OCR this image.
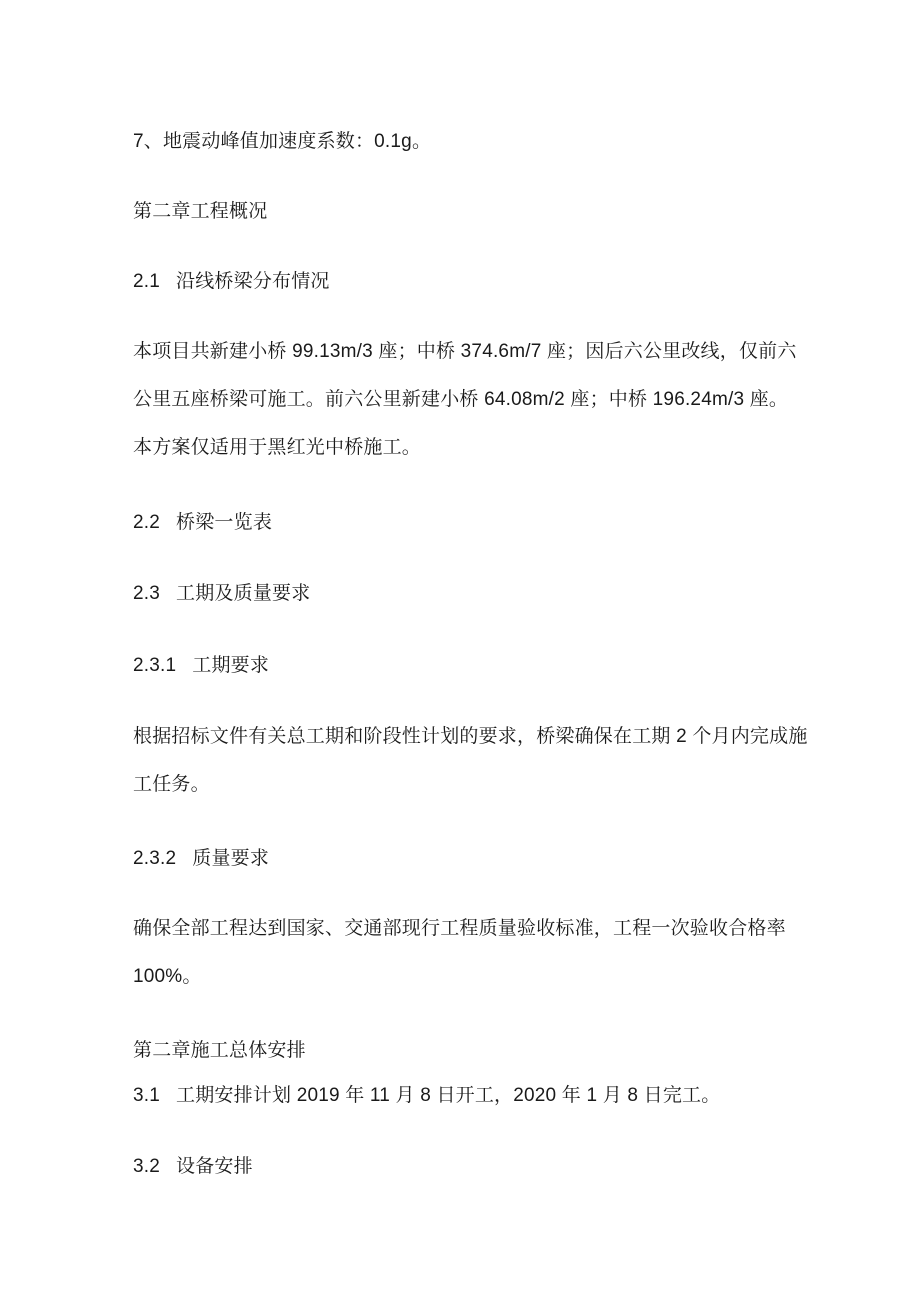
7、地震动峰值加速度系数：0.1g。
第二章工程概况
2.1 沿线桥梁分布情况
本项目共新建小桥 99.13m/3 座；中桥 374.6m/7 座；因后六公里改线，仅前六
公里五座桥梁可施工。前六公里新建小桥 64.08m/2 座；中桥 196.24m/3 座。
本方案仅适用于黑红光中桥施工。
2.2 桥梁一览表
2.3 工期及质量要求
2.3.1 工期要求
根据招标文件有关总工期和阶段性计划的要求，桥梁确保在工期 2 个月内完成施
工任务。
2.3.2 质量要求
确保全部工程达到国家、交通部现行工程质量验收标准，工程一次验收合格率
100%。
第二章施工总体安排
3.1 工期安排计划 2019 年 11 月 8 日开工，2020 年 1 月 8 日完工。
3.2 设备安排
